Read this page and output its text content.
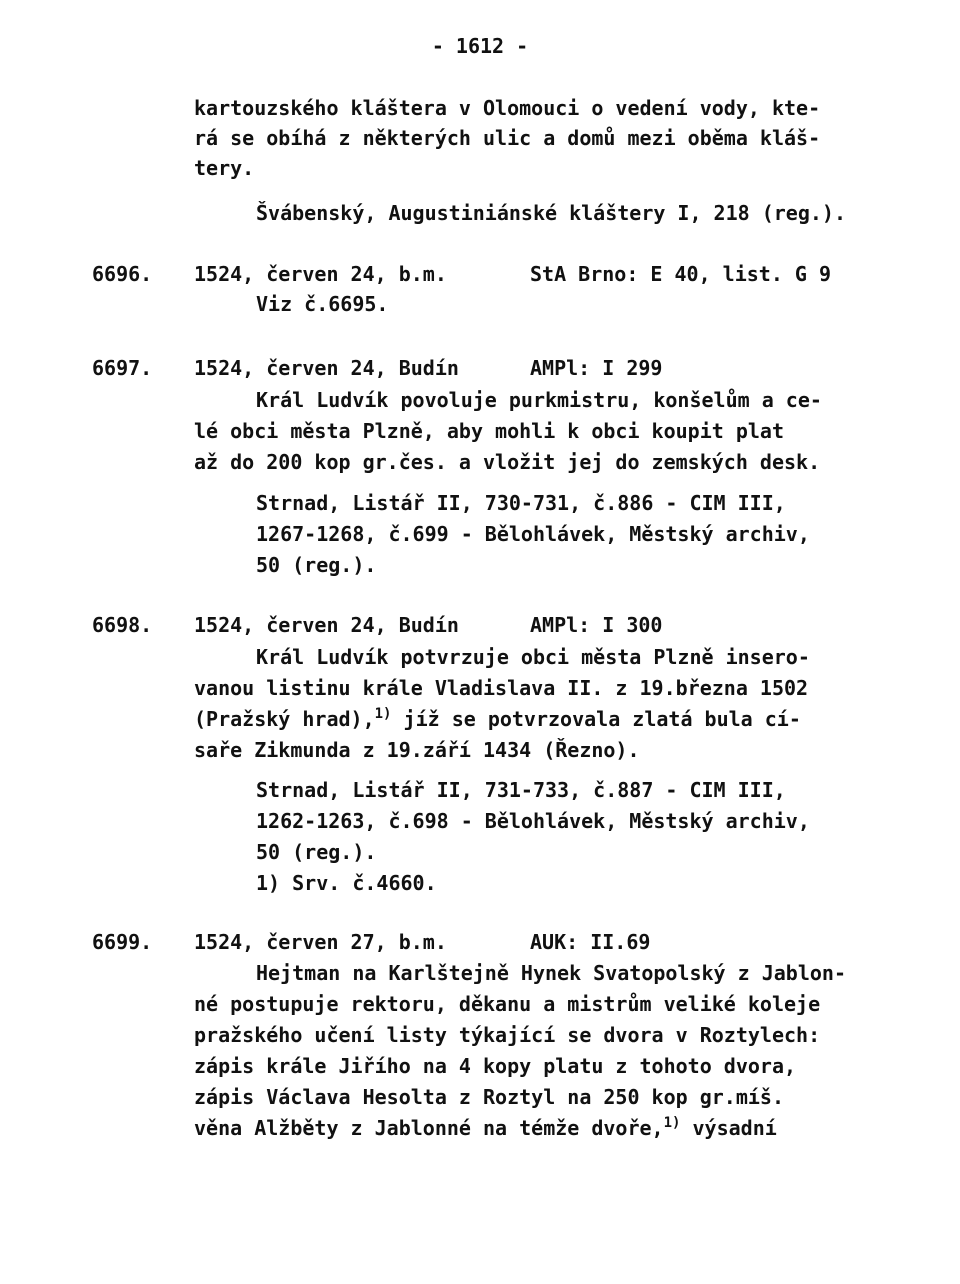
- 1612 -
kartouzského kláštera v Olomouci o vedení vody, kte-
rá se obíhá z některých ulic a domů mezi oběma kláš-
tery.
Švábenský, Augustiniánské kláštery I, 218 (reg.).
6696. 1524, červen 24, b.m.	StA Brno: E 40, list. G 9
Viz č.6695.
6697. 1524, červen 24, Budín	AMPl: I 299
Král Ludvík povoluje purkmistru, konšelům a ce-
lé obci města Plzně, aby mohli k obci koupit plat
až do 200 kop gr.čes. a vložit jej do zemských desk.
Strnad, Listář II, 730-731, č.886 - CIM III,
1267-1268, č.699 - Bělohlávek, Městský archiv,
50 (reg.).
6698. 1524, červen 24, Budín	AMPl: I 300
Král Ludvík potvrzuje obci města Plzně insero-
vanou listinu krále Vladislava II. z 19.března 1502
(Pražský hrad),$^{1)}$ jíž se potvrzovala zlatá bula cí-
saře Zikmunda z 19.září 1434 (Řezno).
Strnad, Listář II, 731-733, č.887 - CIM III,
1262-1263, č.698 - Bělohlávek, Městský archiv,
50 (reg.).
1) Srv. č.4660.
6699. 1524, červen 27, b.m.	AUK: II.69
Hejtman na Karlštejně Hynek Svatopolský z Jablon-
né postupuje rektoru, děkanu a mistrům veliké koleje
pražského učení listy týkající se dvora v Roztylech:
zápis krále Jiřího na 4 kopy platu z tohoto dvora,
zápis Václava Hesolta z Roztyl na 250 kop gr.míš.
věna Alžběty z Jablonné na témže dvoře,$^{1)}$ výsadní
